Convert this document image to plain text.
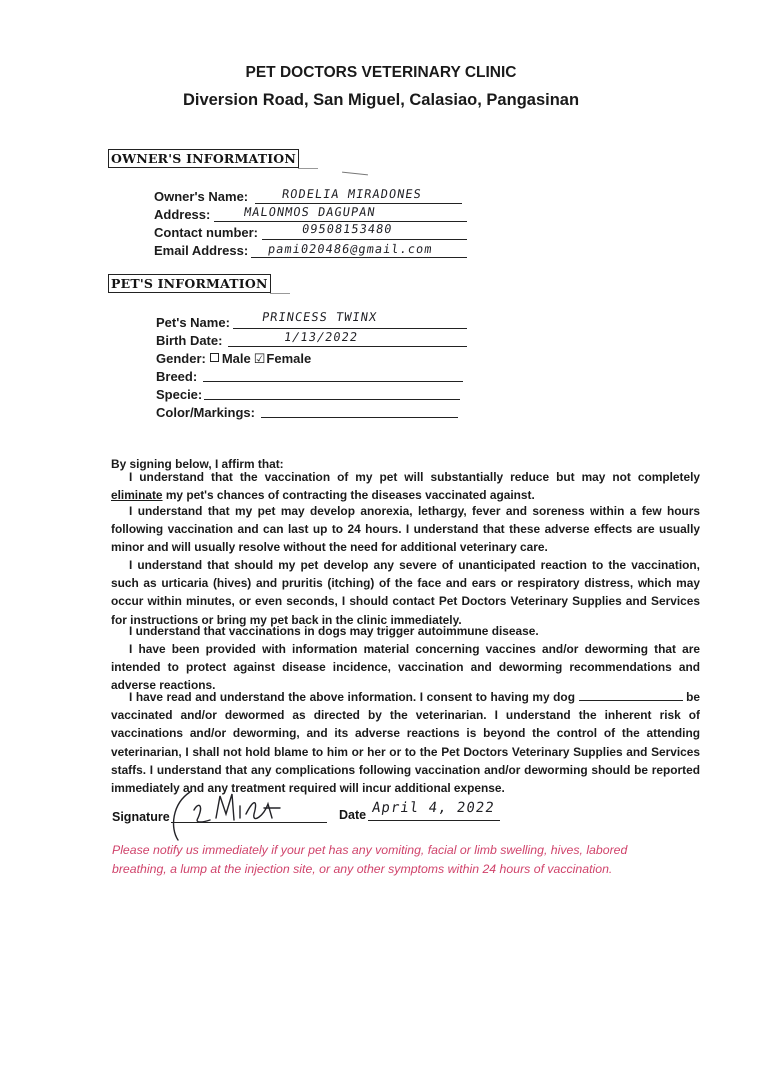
PET DOCTORS VETERINARY CLINIC
Diversion Road, San Miguel, Calasiao, Pangasinan
OWNER'S INFORMATION
Owner's Name:	RODELIA MIRADONES
Address:	MALONMOS DAGUPAN
Contact number:	09508153480
Email Address: pami020486@gmail.com
PET'S INFORMATION
Pet's Name:	PRINCESS TWINX
Birth Date:	1/13/2022
Gender: Male ☑Female
Breed:
Specie:
Color/Markings:
By signing below, I affirm that:
I understand that the vaccination of my pet will substantially reduce but may not completely eliminate my pet's chances of contracting the diseases vaccinated against.
I understand that my pet may develop anorexia, lethargy, fever and soreness within a few hours following vaccination and can last up to 24 hours. I understand that these adverse effects are usually minor and will usually resolve without the need for additional veterinary care.
I understand that should my pet develop any severe of unanticipated reaction to the vaccination, such as urticaria (hives) and pruritis (itching) of the face and ears or respiratory distress, which may occur within minutes, or even seconds, I should contact Pet Doctors Veterinary Supplies and Services for instructions or bring my pet back in the clinic immediately.
I understand that vaccinations in dogs may trigger autoimmune disease.
I have been provided with information material concerning vaccines and/or deworming that are intended to protect against disease incidence, vaccination and deworming recommendations and adverse reactions.
I have read and understand the above information. I consent to having my dog	be vaccinated and/or dewormed as directed by the veterinarian. I understand the inherent risk of vaccinations and/or deworming, and its adverse reactions is beyond the control of the attending veterinarian, I shall not hold blame to him or her or to the Pet Doctors Veterinary Supplies and Services staffs. I understand that any complications following vaccination and/or deworming should be reported immediately and any treatment required will incur additional expense.
Signature	Date April 4, 2022
Please notify us immediately if your pet has any vomiting, facial or limb swelling, hives, labored breathing, a lump at the injection site, or any other symptoms within 24 hours of vaccination.
